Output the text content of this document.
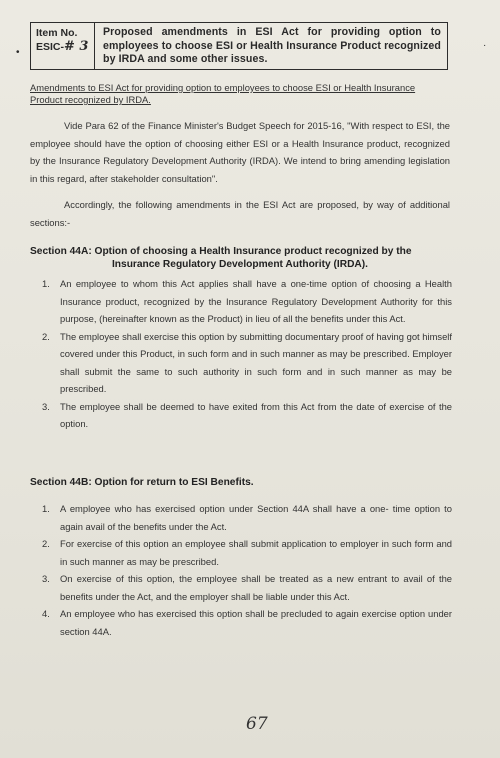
•
·
Item No.
ESIC-# 3
Proposed amendments in ESI Act for providing option to employees to choose ESI or Health Insurance Product recognized by IRDA and some other issues.
Amendments to ESI Act for providing option to employees to choose ESI or Health Insurance Product recognized by IRDA.
Vide Para 62 of the Finance Minister's Budget Speech for 2015-16, "With respect to ESI, the employee should have the option of choosing either ESI or a Health Insurance product, recognized by the Insurance Regulatory Development Authority (IRDA). We intend to bring amending legislation in this regard, after stakeholder consultation".
Accordingly, the following amendments in the ESI Act are proposed, by way of additional sections:-
Section 44A: Option of choosing a Health Insurance product recognized by the
Insurance Regulatory Development Authority (IRDA).
1. An employee to whom this Act applies shall have a one-time option of choosing a Health Insurance product, recognized by the Insurance Regulatory Development Authority for this purpose, (hereinafter known as the Product) in lieu of all the benefits under this Act.
2. The employee shall exercise this option by submitting documentary proof of having got himself covered under this Product, in such form and in such manner as may be prescribed. Employer shall submit the same to such authority in such form and in such manner as may be prescribed.
3. The employee shall be deemed to have exited from this Act from the date of exercise of the option.
Section 44B: Option for return to ESI Benefits.
1. A employee who has exercised option under Section 44A shall have a one- time option to again avail of the benefits under the Act.
2. For exercise of this option an employee shall submit application to employer in such form and in such manner as may be prescribed.
3. On exercise of this option, the employee shall be treated as a new entrant to avail of the benefits under the Act, and the employer shall be liable under this Act.
4. An employee who has exercised this option shall be precluded to again exercise option under section 44A.
67
